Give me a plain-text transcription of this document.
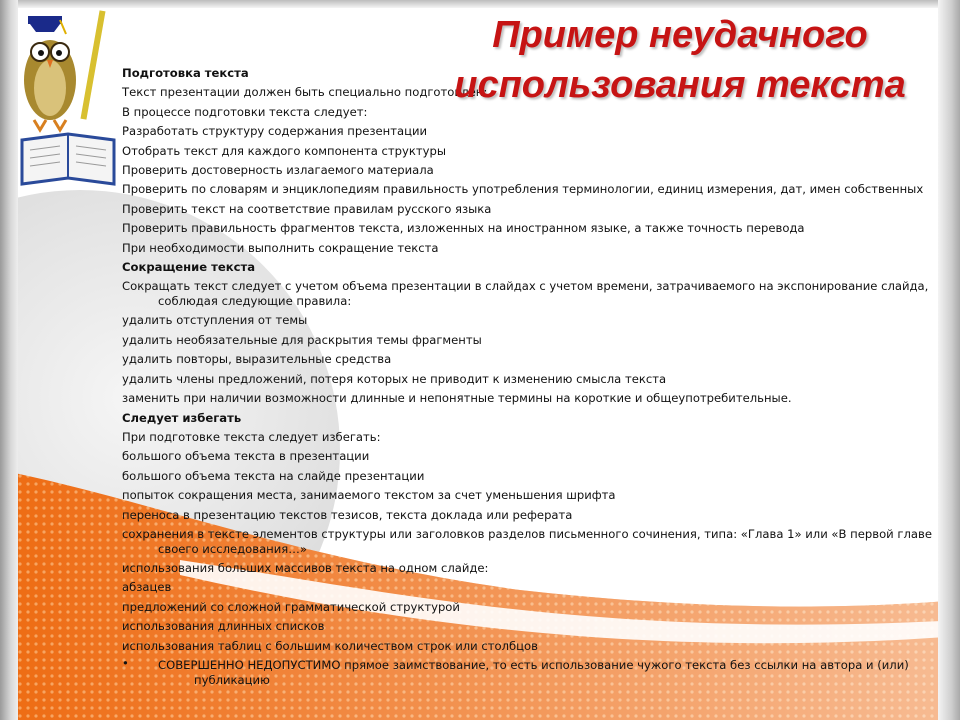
Подготовка текста
Текст презентации должен быть специально подготовлен:
В процессе подготовки текста следует:
Разработать структуру содержания презентации
Отобрать текст для каждого компонента структуры
Проверить достоверность излагаемого материала
Проверить по словарям и энциклопедиям правильность употребления терминологии, единиц измерения, дат, имен собственных
Проверить текст на соответствие правилам русского языка
Проверить правильность фрагментов текста, изложенных на иностранном языке, а также точность перевода
При необходимости выполнить сокращение текста
Сокращение текста
Сокращать текст следует с учетом объема презентации в слайдах с учетом времени, затрачиваемого на экспонирование слайда,
соблюдая следующие правила:
удалить отступления от темы
удалить необязательные для раскрытия темы фрагменты
удалить повторы, выразительные средства
удалить члены предложений, потеря которых не приводит к изменению смысла текста
заменить при наличии возможности длинные и непонятные термины на короткие и общеупотребительные.
Следует избегать
При подготовке текста следует избегать:
большого объема текста в презентации
большого объема текста на слайде презентации
попыток сокращения места, занимаемого текстом за счет уменьшения шрифта
переноса в презентацию текстов тезисов, текста доклада или реферата
сохранения в тексте элементов структуры или заголовков разделов письменного сочинения, типа: «Глава 1» или «В первой главе
своего исследования…»
использования больших массивов текста на одном слайде:
абзацев
предложений со сложной грамматической структурой
использования длинных списков
использования таблиц с большим количеством строк или столбцов
•	СОВЕРШЕННО НЕДОПУСТИМО прямое заимствование, то есть использование чужого текста без ссылки на автора и (или)
публикацию
Пример неудачного использования текста
